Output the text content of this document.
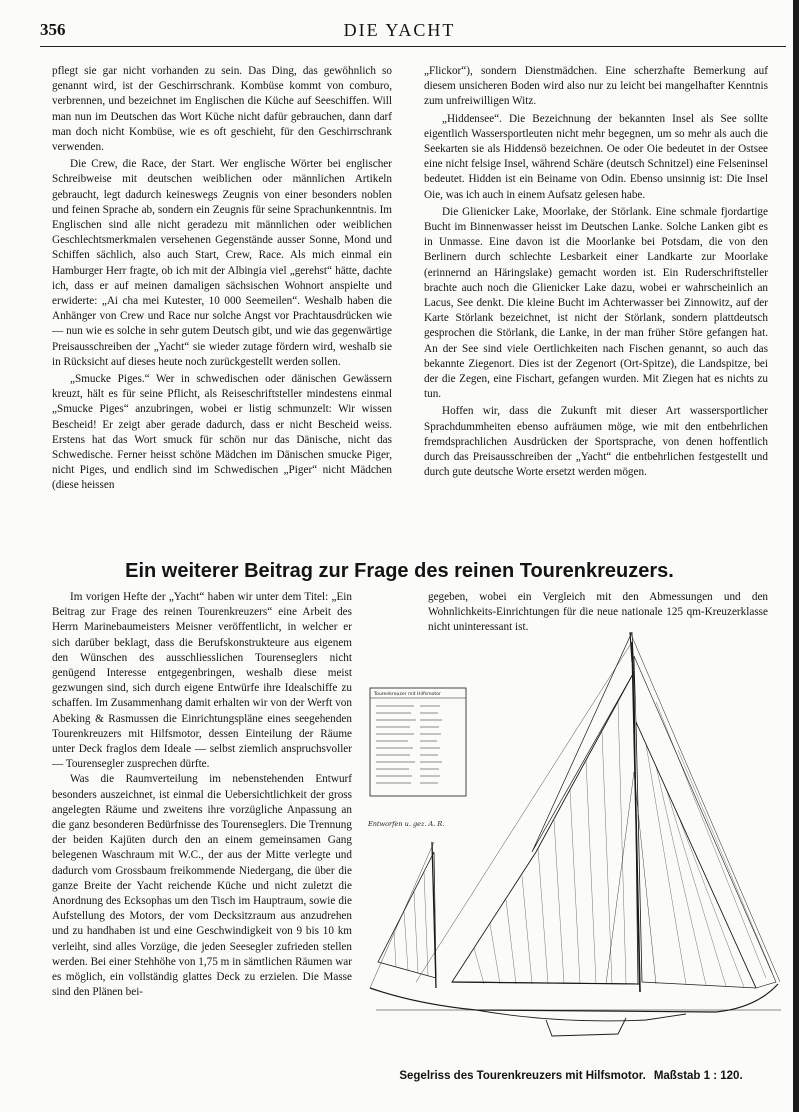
356	DIE YACHT

pflegt sie gar nicht vorhanden zu sein. Das Ding, das gewöhnlich so genannt wird, ist der Geschirrschrank. Kombüse kommt von comburo, verbrennen, und bezeichnet im Englischen die Küche auf Seeschiffen. Will man nun im Deutschen das Wort Küche nicht dafür gebrauchen, dann darf man doch nicht Kombüse, wie es oft geschieht, für den Geschirrschrank verwenden.

Die Crew, die Race, der Start. Wer englische Wörter bei englischer Schreibweise mit deutschen weiblichen oder männlichen Artikeln gebraucht, legt dadurch keineswegs Zeugnis von einer besonders noblen und feinen Sprache ab, sondern ein Zeugnis für seine Sprachunkenntnis. Im Englischen sind alle nicht geradezu mit männlichen oder weiblichen Geschlechtsmerkmalen versehenen Gegenstände ausser Sonne, Mond und Schiffen sächlich, also auch Start, Crew, Race. Als mich einmal ein Hamburger Herr fragte, ob ich mit der Albingia viel „gerehst“ hätte, dachte ich, dass er auf meinen damaligen sächsischen Wohnort anspielte und erwiderte: „Ai cha mei Kutester, 10 000 Seemeilen“. Weshalb haben die Anhänger von Crew und Race nur solche Angst vor Prachtausdrücken wie — nun wie es solche in sehr gutem Deutsch gibt, und wie das gegenwärtige Preisausschreiben der „Yacht“ sie wieder zutage fördern wird, weshalb sie in Rücksicht auf dieses heute noch zurückgestellt werden sollen.

„Smucke Piges.“ Wer in schwedischen oder dänischen Gewässern kreuzt, hält es für seine Pflicht, als Reiseschriftsteller mindestens einmal „Smucke Piges“ anzubringen, wobei er listig schmunzelt: Wir wissen Bescheid! Er zeigt aber gerade dadurch, dass er nicht Bescheid weiss. Erstens hat das Wort smuck für schön nur das Dänische, nicht das Schwedische. Ferner heisst schöne Mädchen im Dänischen smucke Piger, nicht Piges, und endlich sind im Schwedischen „Piger“ nicht Mädchen (diese heissen

„Flickor“), sondern Dienstmädchen. Eine scherzhafte Bemerkung auf diesem unsicheren Boden wird also nur zu leicht bei mangelhafter Kenntnis zum unfreiwilligen Witz.

„Hiddensee“. Die Bezeichnung der bekannten Insel als See sollte eigentlich Wassersportleuten nicht mehr begegnen, um so mehr als auch die Seekarten sie als Hiddensö bezeichnen. Oe oder Oie bedeutet in der Ostsee eine nicht felsige Insel, während Schäre (deutsch Schnitzel) eine Felseninsel bedeutet. Hidden ist ein Beiname von Odin. Ebenso unsinnig ist: Die Insel Oie, was ich auch in einem Aufsatz gelesen habe.

Die Glienicker Lake, Moorlake, der Störlank. Eine schmale fjordartige Bucht im Binnenwasser heisst im Deutschen Lanke. Solche Lanken gibt es in Unmasse. Eine davon ist die Moorlanke bei Potsdam, die von den Berlinern durch schlechte Lesbarkeit einer Landkarte zur Moorlake (erinnernd an Häringslake) gemacht worden ist. Ein Ruderschriftsteller brachte auch noch die Glienicker Lake dazu, wobei er wahrscheinlich an Lacus, See denkt. Die kleine Bucht im Achterwasser bei Zinnowitz, auf der Karte Störlank bezeichnet, ist nicht der Störlank, sondern plattdeutsch gesprochen die Störlank, die Lanke, in der man früher Störe gefangen hat. An der See sind viele Oertlichkeiten nach Fischen genannt, so auch das bekannte Ziegenort. Dies ist der Zegenort (Ort-Spitze), die Landspitze, bei der die Zegen, eine Fischart, gefangen wurden. Mit Ziegen hat es nichts zu tun.

Hoffen wir, dass die Zukunft mit dieser Art wassersportlicher Sprachdummheiten ebenso aufräumen möge, wie mit den entbehrlichen fremdsprachlichen Ausdrücken der Sportsprache, von denen hoffentlich durch das Preisausschreiben der „Yacht“ die entbehrlichen festgestellt und durch gute deutsche Worte ersetzt werden mögen.

Ein weiterer Beitrag zur Frage des reinen Tourenkreuzers.

Im vorigen Hefte der „Yacht“ haben wir unter dem Titel: „Ein Beitrag zur Frage des reinen Tourenkreuzers“ eine Arbeit des Herrn Marinebaumeisters Meisner veröffentlicht, in welcher er sich darüber beklagt, dass die Berufskonstrukteure aus eigenem den Wünschen des ausschliesslichen Tourenseglers nicht genügend Interesse entgegenbringen, weshalb diese meist gezwungen sind, sich durch eigene Entwürfe ihre Idealschiffe zu schaffen. Im Zusammenhang damit erhalten wir von der Werft von Abeking & Rasmussen die Einrichtungspläne eines seegehenden Tourenkreuzers mit Hilfsmotor, dessen Einteilung der Räume unter Deck fraglos dem Ideale — selbst ziemlich anspruchsvoller — Tourensegler zusprechen dürfte.

Was die Raumverteilung im nebenstehenden Entwurf besonders auszeichnet, ist einmal die Uebersichtlichkeit der gross angelegten Räume und zweitens ihre vorzügliche Anpassung an die ganz besonderen Bedürfnisse des Tourenseglers. Die Trennung der beiden Kajüten durch den an einem gemeinsamen Gang belegenen Waschraum mit W.C., der aus der Mitte verlegte und dadurch vom Grossbaum freikommende Niedergang, die über die ganze Breite der Yacht reichende Küche und nicht zuletzt die Anordnung des Ecksophas um den Tisch im Hauptraum, sowie die Aufstellung des Motors, der vom Decksitzraum aus anzudrehen und zu handhaben ist und eine Geschwindigkeit von 9 bis 10 km verleiht, sind alles Vorzüge, die jeden Seesegler zufrieden stellen werden. Bei einer Stehhöhe von 1,75 m in sämtlichen Räumen war es möglich, ein vollständig glattes Deck zu erzielen. Die Masse sind den Plänen bei-

gegeben, wobei ein Vergleich mit den Abmessungen und den Wohnlichkeits-Einrichtungen für die neue nationale 125 qm-Kreuzerklasse nicht uninteressant ist.

Tourenkreuzer mit Hilfsmotor
Entworfen u. gez. A. R.
Segelriss des Tourenkreuzers mit Hilfsmotor. Maßstab 1 : 120.
